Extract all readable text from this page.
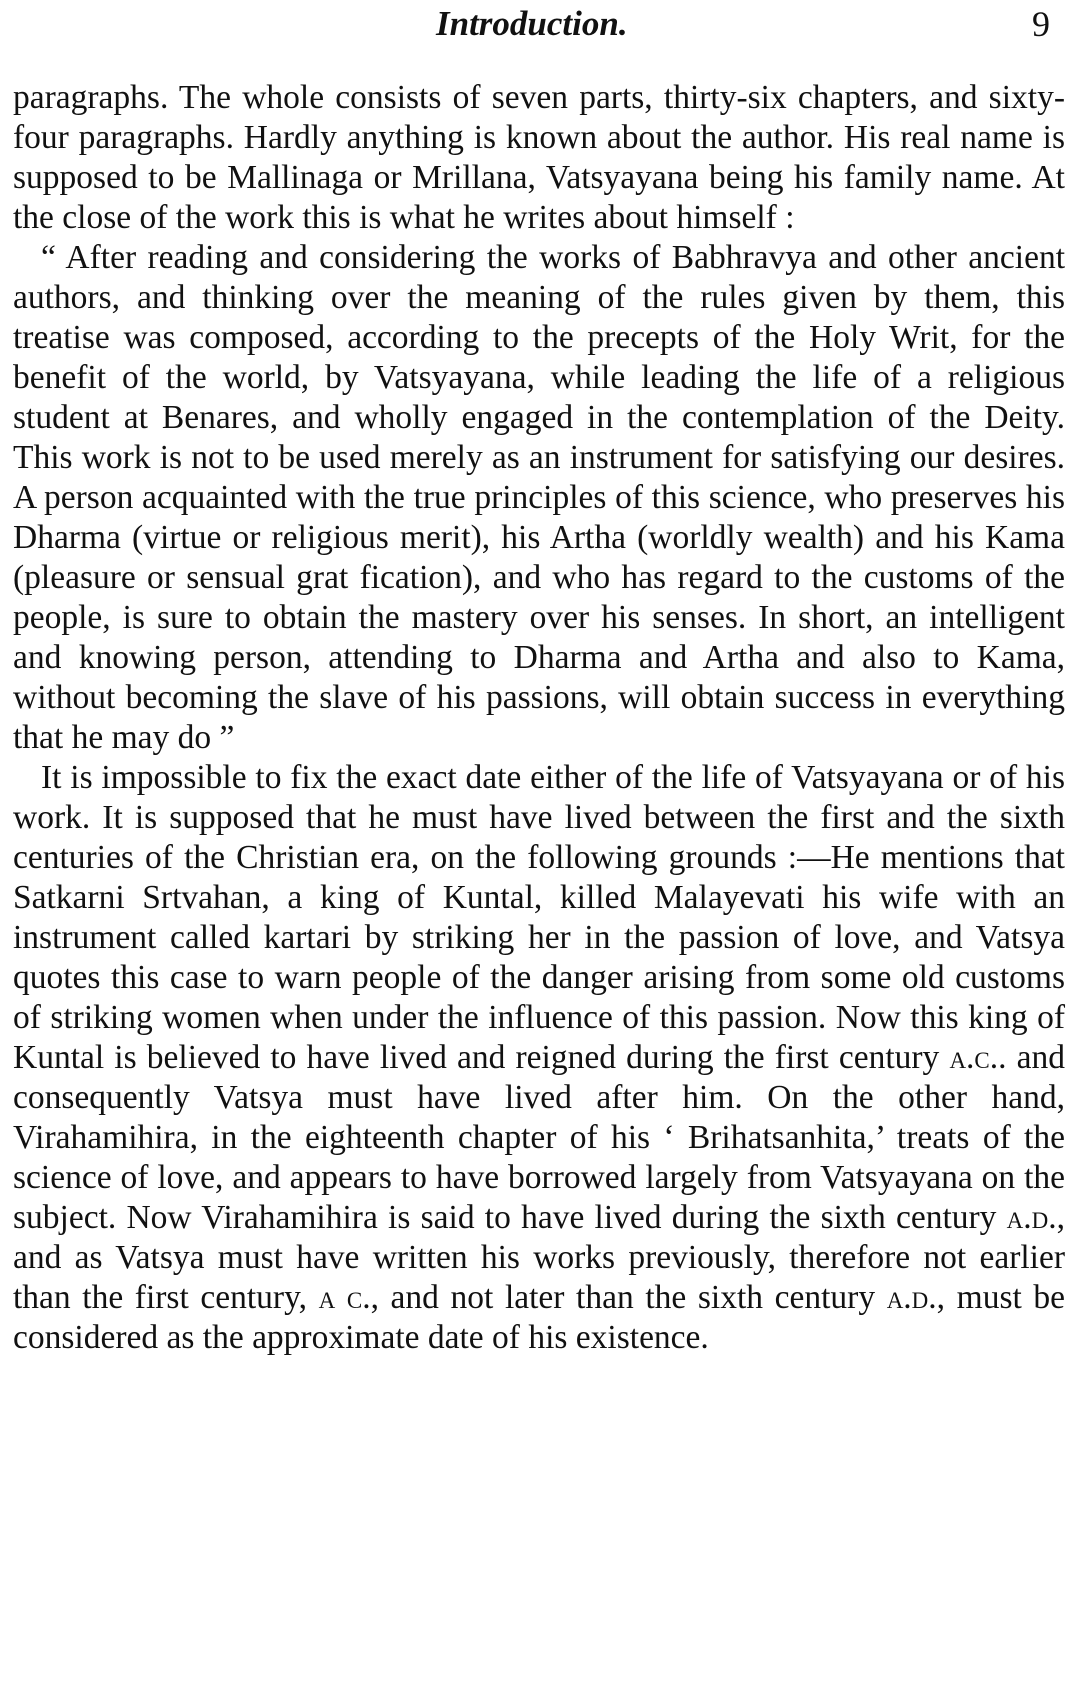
Introduction.	9

paragraphs. The whole consists of seven parts, thirty-six chapters, and sixty-four paragraphs. Hardly anything is known about the author. His real name is supposed to be Mallinaga or Mrillana, Vatsyayana being his family name. At the close of the work this is what he writes about himself :

“ After reading and considering the works of Babhravya and other ancient authors, and thinking over the meaning of the rules given by them, this treatise was composed, according to the precepts of the Holy Writ, for the benefit of the world, by Vatsyayana, while leading the life of a religious student at Benares, and wholly engaged in the contemplation of the Deity. This work is not to be used merely as an instrument for satisfying our desires. A person acquainted with the true principles of this science, who preserves his Dharma (virtue or religious merit), his Artha (worldly wealth) and his Kama (pleasure or sensual grat fication), and who has regard to the customs of the people, is sure to obtain the mastery over his senses. In short, an intelligent and knowing person, attending to Dharma and Artha and also to Kama, without becoming the slave of his passions, will obtain success in everything that he may do ”

It is impossible to fix the exact date either of the life of Vatsyayana or of his work. It is supposed that he must have lived between the first and the sixth centuries of the Christian era, on the following grounds :—He mentions that Satkarni Srtvahan, a king of Kuntal, killed Malayevati his wife with an instrument called kartari by striking her in the passion of love, and Vatsya quotes this case to warn people of the danger arising from some old customs of striking women when under the influence of this passion. Now this king of Kuntal is believed to have lived and reigned during the first century a.c.. and consequently Vatsya must have lived after him. On the other hand, Virahamihira, in the eighteenth chapter of his ‘ Brihatsanhita,’ treats of the science of love, and appears to have borrowed largely from Vatsyayana on the subject. Now Virahamihira is said to have lived during the sixth century a.d., and as Vatsya must have written his works previously, therefore not earlier than the first century, a c., and not later than the sixth century a.d., must be considered as the approximate date of his existence.
